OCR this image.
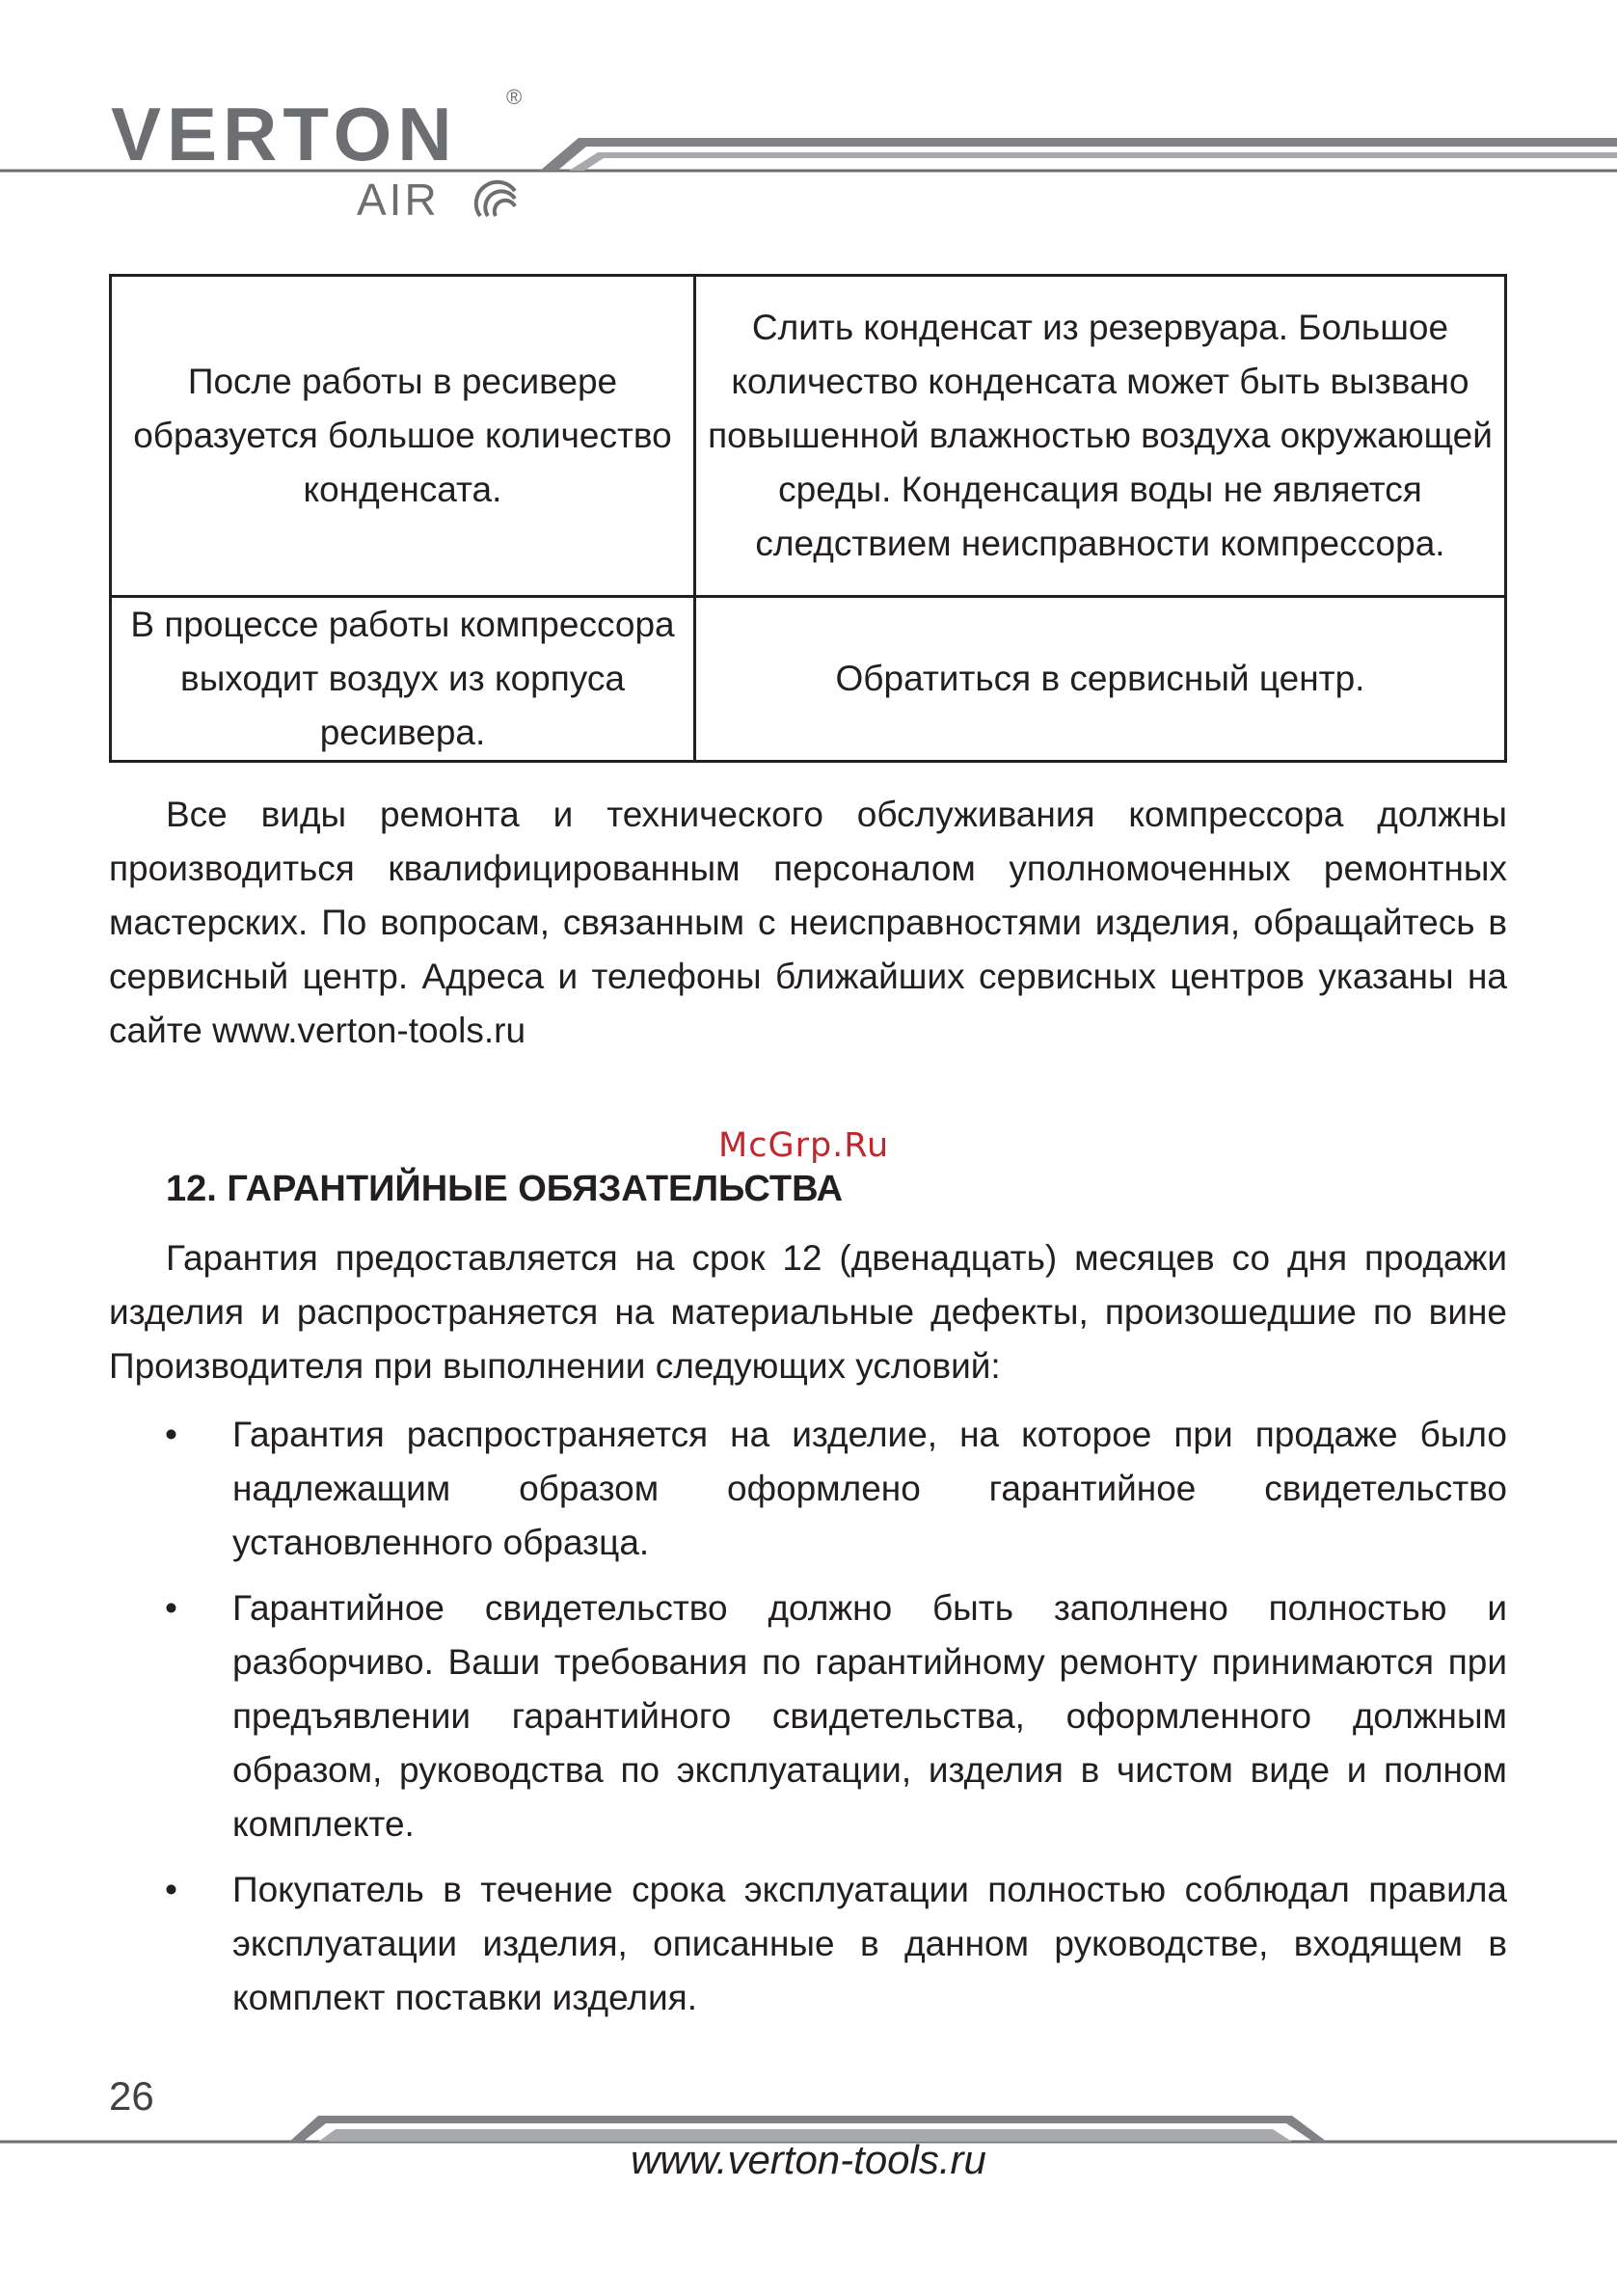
VERTON ®
AIR
После работы в ресивере образуется большое количество конденсата.	Слить конденсат из резервуара. Большое количество конденсата может быть вызвано повышенной влажностью воздуха окружающей среды. Конденсация воды не является следствием неисправности компрессора.
В процессе работы компрессора выходит воздух из корпуса ресивера.	Обратиться в сервисный центр.

Все виды ремонта и технического обслуживания компрессора должны производиться квалифицированным персоналом уполномоченных ремонтных мастерских. По вопросам, связанным с неисправностями изделия, обращайтесь в сервисный центр. Адреса и телефоны ближайших сервисных центров указаны на сайте www.verton-tools.ru

McGrp.Ru
12. ГАРАНТИЙНЫЕ ОБЯЗАТЕЛЬСТВА

Гарантия предоставляется на срок 12 (двенадцать) месяцев со дня продажи изделия и распространяется на материальные дефекты, произошедшие по вине Производителя при выполнении следующих условий:

• Гарантия распространяется на изделие, на которое при продаже было надлежащим образом оформлено гарантийное свидетельство установленного образца.
• Гарантийное свидетельство должно быть заполнено полностью и разборчиво. Ваши требования по гарантийному ремонту принимаются при предъявлении гарантийного свидетельства, оформленного должным образом, руководства по эксплуатации, изделия в чистом виде и полном комплекте.
• Покупатель в течение срока эксплуатации полностью соблюдал правила эксплуатации изделия, описанные в данном руководстве, входящем в комплект поставки изделия.
26
www.verton-tools.ru
